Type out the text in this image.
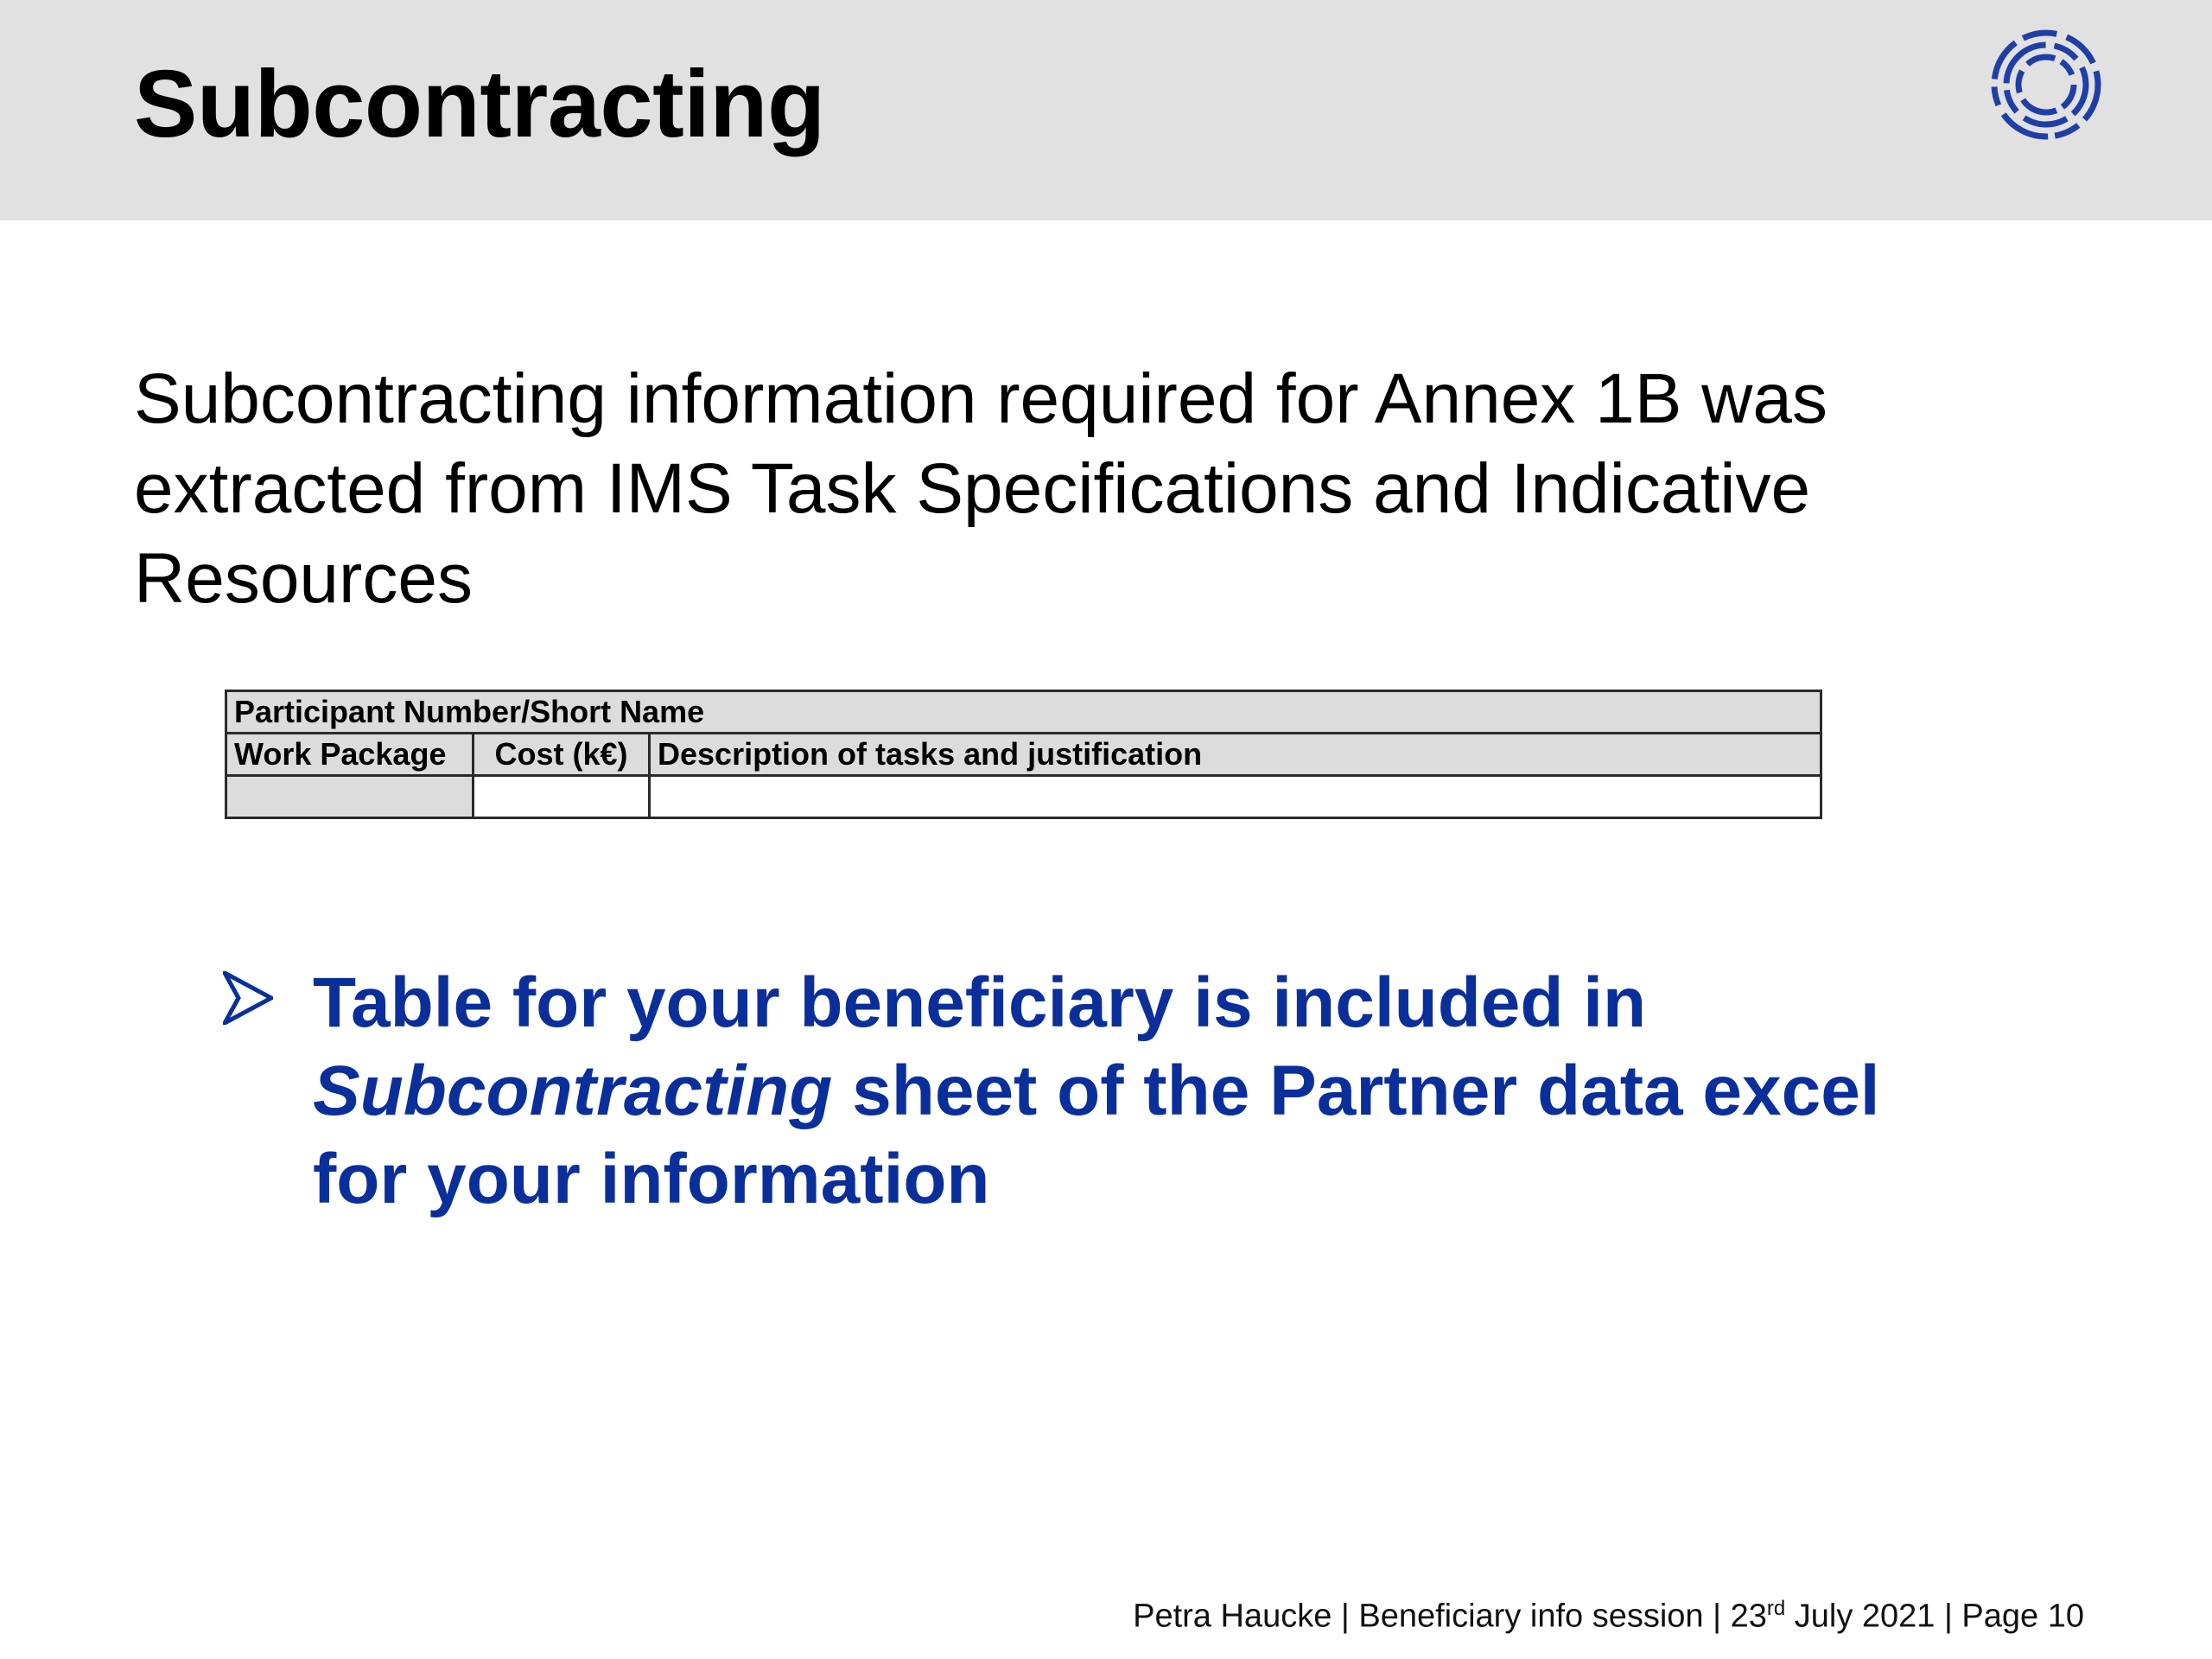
Subcontracting
Subcontracting information required for Annex 1B was extracted from IMS Task Specifications and Indicative Resources
Participant Number/Short Name		
Work Package	Cost (k€)	Description of tasks and justification

Table for your beneficiary is included in Subcontracting sheet of the Partner data excel for your information
Petra Haucke | Beneficiary info session | 23rd July 2021 | Page 10
